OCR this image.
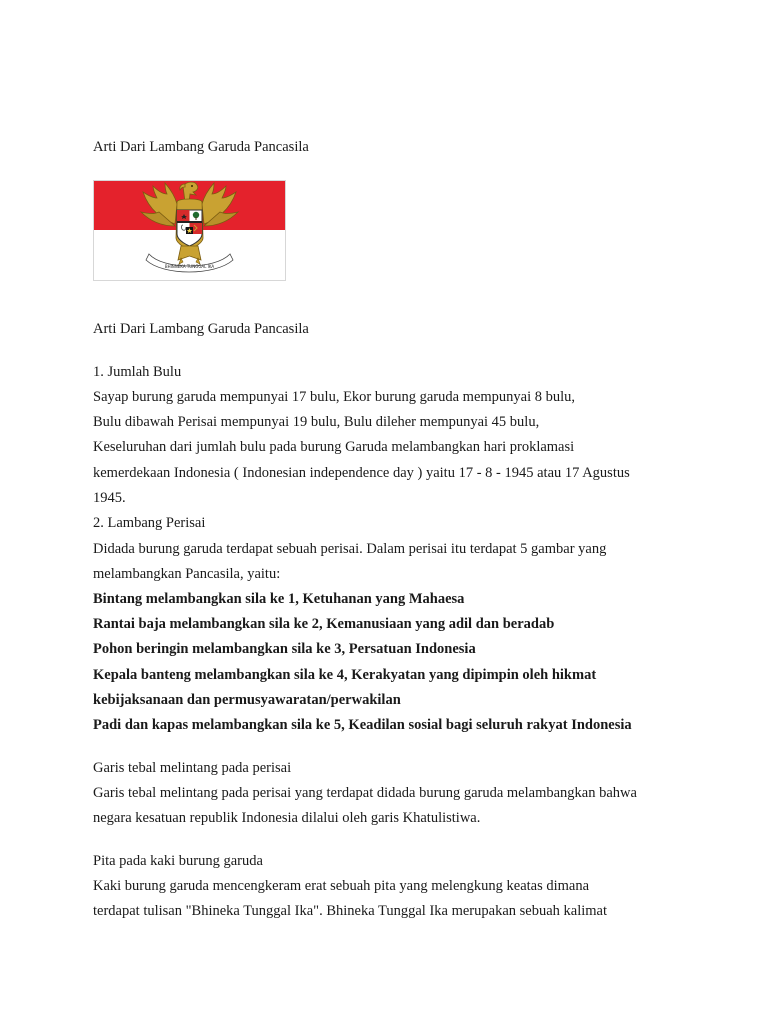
Arti Dari Lambang Garuda Pancasila
BHINNEKA TUNGGAL IKA
Arti Dari Lambang Garuda Pancasila
1. Jumlah Bulu
Sayap burung garuda mempunyai 17 bulu, Ekor burung garuda mempunyai 8 bulu,
Bulu dibawah Perisai mempunyai 19 bulu, Bulu dileher mempunyai 45 bulu,
Keseluruhan dari jumlah bulu pada burung Garuda melambangkan hari proklamasi
kemerdekaan Indonesia ( Indonesian independence day ) yaitu 17 - 8 - 1945 atau 17 Agustus
1945.
2. Lambang Perisai
Didada burung garuda terdapat sebuah perisai. Dalam perisai itu terdapat 5 gambar yang
melambangkan Pancasila, yaitu:
Bintang melambangkan sila ke 1, Ketuhanan yang Mahaesa
Rantai baja melambangkan sila ke 2, Kemanusiaan yang adil dan beradab
Pohon beringin melambangkan sila ke 3, Persatuan Indonesia
Kepala banteng melambangkan sila ke 4, Kerakyatan yang dipimpin oleh hikmat
kebijaksanaan dan permusyawaratan/perwakilan
Padi dan kapas melambangkan sila ke 5, Keadilan sosial bagi seluruh rakyat Indonesia
Garis tebal melintang pada perisai
Garis tebal melintang pada perisai yang terdapat didada burung garuda melambangkan bahwa
negara kesatuan republik Indonesia dilalui oleh garis Khatulistiwa.
Pita pada kaki burung garuda
Kaki burung garuda mencengkeram erat sebuah pita yang melengkung keatas dimana
terdapat tulisan "Bhineka Tunggal Ika". Bhineka Tunggal Ika merupakan sebuah kalimat
